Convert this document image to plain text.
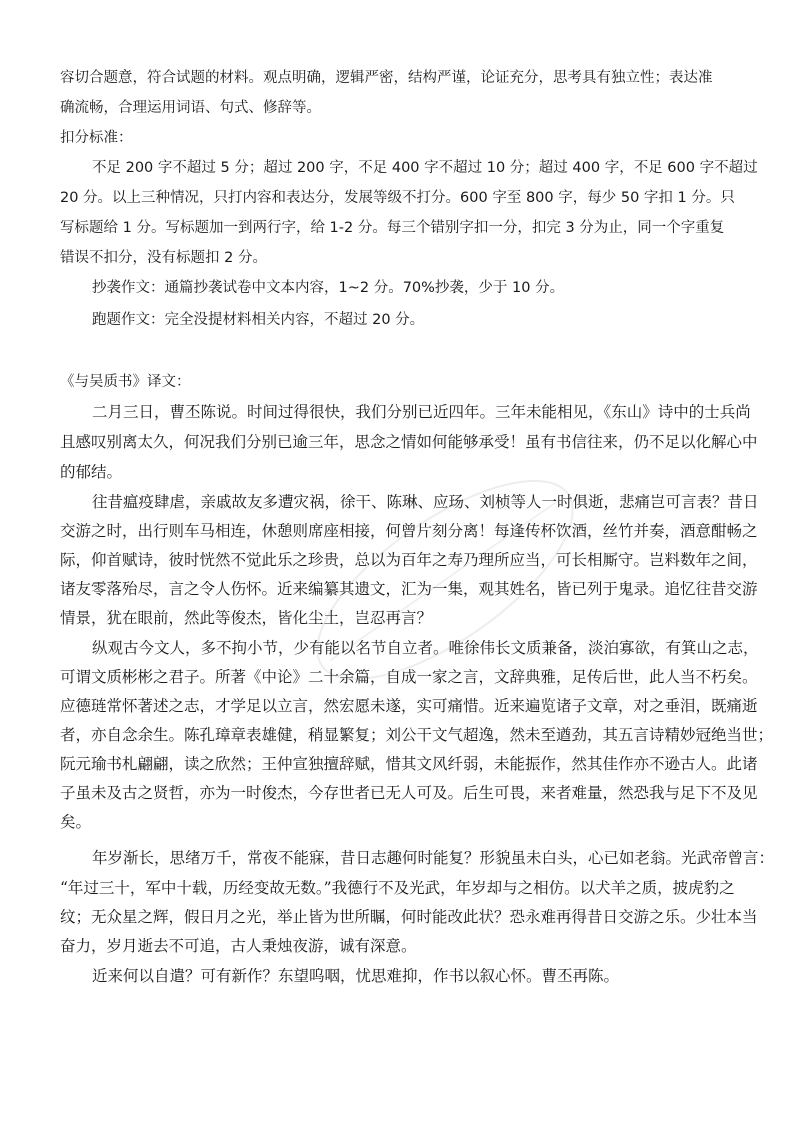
容切合题意，符合试题的材料。观点明确，逻辑严密，结构严谨，论证充分，思考具有独立性；表达准
确流畅，合理运用词语、句式、修辞等。
扣分标准：
不足 200 字不超过 5 分；超过 200 字，不足 400 字不超过 10 分；超过 400 字，不足 600 字不超过
20 分。以上三种情况，只打内容和表达分，发展等级不打分。600 字至 800 字，每少 50 字扣 1 分。只
写标题给 1 分。写标题加一到两行字，给 1-2 分。每三个错别字扣一分，扣完 3 分为止，同一个字重复
错误不扣分，没有标题扣 2 分。
抄袭作文：通篇抄袭试卷中文本内容，1~2 分。70%抄袭，少于 10 分。
跑题作文：完全没提材料相关内容，不超过 20 分。
《与吴质书》译文：
二月三日，曹丕陈说。时间过得很快，我们分别已近四年。三年未能相见，《东山》诗中的士兵尚
且感叹别离太久，何况我们分别已逾三年，思念之情如何能够承受！虽有书信往来，仍不足以化解心中
的郁结。
往昔瘟疫肆虐，亲戚故友多遭灾祸，徐干、陈琳、应玚、刘桢等人一时俱逝，悲痛岂可言表？昔日
交游之时，出行则车马相连，休憩则席座相接，何曾片刻分离！每逢传杯饮酒，丝竹并奏，酒意酣畅之
际，仰首赋诗，彼时恍然不觉此乐之珍贵，总以为百年之寿乃理所应当，可长相厮守。岂料数年之间，
诸友零落殆尽，言之令人伤怀。近来编纂其遗文，汇为一集，观其姓名，皆已列于鬼录。追忆往昔交游
情景，犹在眼前，然此等俊杰，皆化尘土，岂忍再言？
纵观古今文人，多不拘小节，少有能以名节自立者。唯徐伟长文质兼备，淡泊寡欲，有箕山之志，
可谓文质彬彬之君子。所著《中论》二十余篇，自成一家之言，文辞典雅，足传后世，此人当不朽矣。
应德琏常怀著述之志，才学足以立言，然宏愿未遂，实可痛惜。近来遍览诸子文章，对之垂泪，既痛逝
者，亦自念余生。陈孔璋章表雄健，稍显繁复；刘公干文气超逸，然未至遒劲，其五言诗精妙冠绝当世；
阮元瑜书札翩翩，读之欣然；王仲宣独擅辞赋，惜其文风纤弱，未能振作，然其佳作亦不逊古人。此诸
子虽未及古之贤哲，亦为一时俊杰，今存世者已无人可及。后生可畏，来者难量，然恐我与足下不及见
矣。
年岁渐长，思绪万千，常夜不能寐，昔日志趣何时能复？形貌虽未白头，心已如老翁。光武帝曾言：
“年过三十，军中十载，历经变故无数。”我德行不及光武，年岁却与之相仿。以犬羊之质，披虎豹之
纹；无众星之辉，假日月之光，举止皆为世所瞩，何时能改此状？恐永难再得昔日交游之乐。少壮本当
奋力，岁月逝去不可追，古人秉烛夜游，诚有深意。
近来何以自遣？可有新作？东望呜咽，忧思难抑，作书以叙心怀。曹丕再陈。
